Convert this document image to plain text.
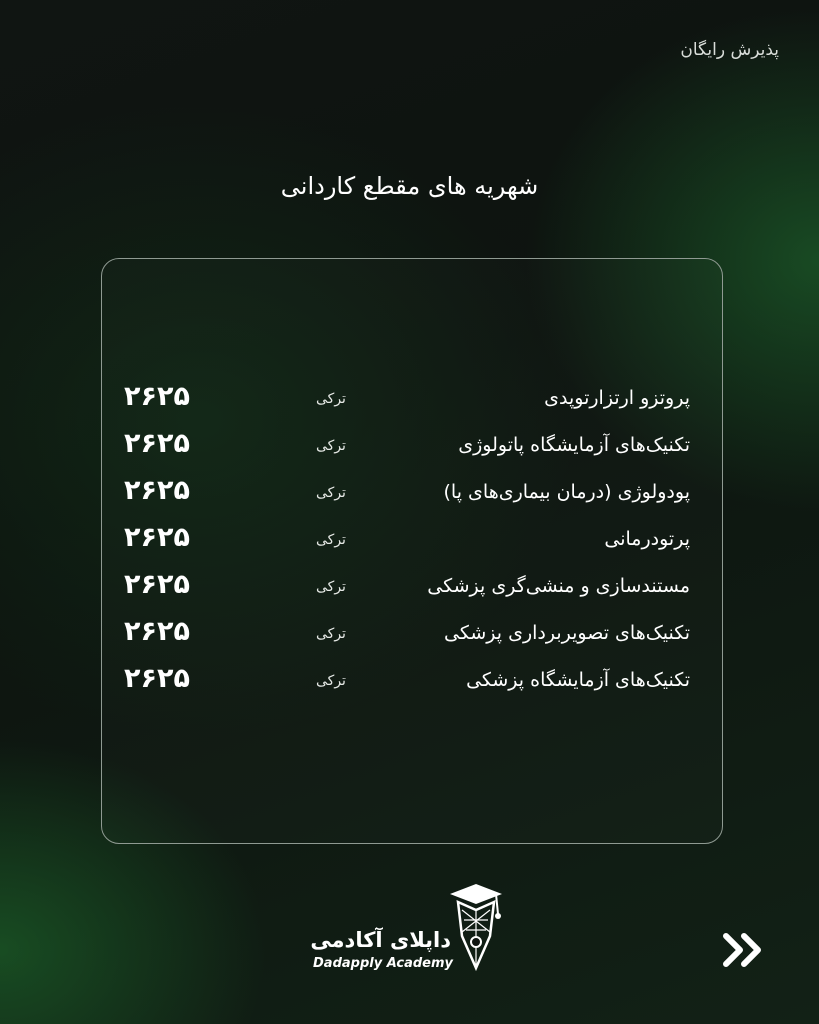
پذیرش رایگان
شهریه های مقطع کاردانی
پروتزو ارتزارتوپدی
ترکی
۲۶۲۵
تکنیک‌های آزمایشگاه پاتولوژی
ترکی
۲۶۲۵
پودولوژی (درمان بیماری‌های پا)
ترکی
۲۶۲۵
پرتودرمانی
ترکی
۲۶۲۵
مستندسازی و منشی‌گری پزشکی
ترکی
۲۶۲۵
تکنیک‌های تصویربرداری پزشکی
ترکی
۲۶۲۵
تکنیک‌های آزمایشگاه پزشکی
ترکی
۲۶۲۵
داپلای آکادمی
Dadapply Academy
